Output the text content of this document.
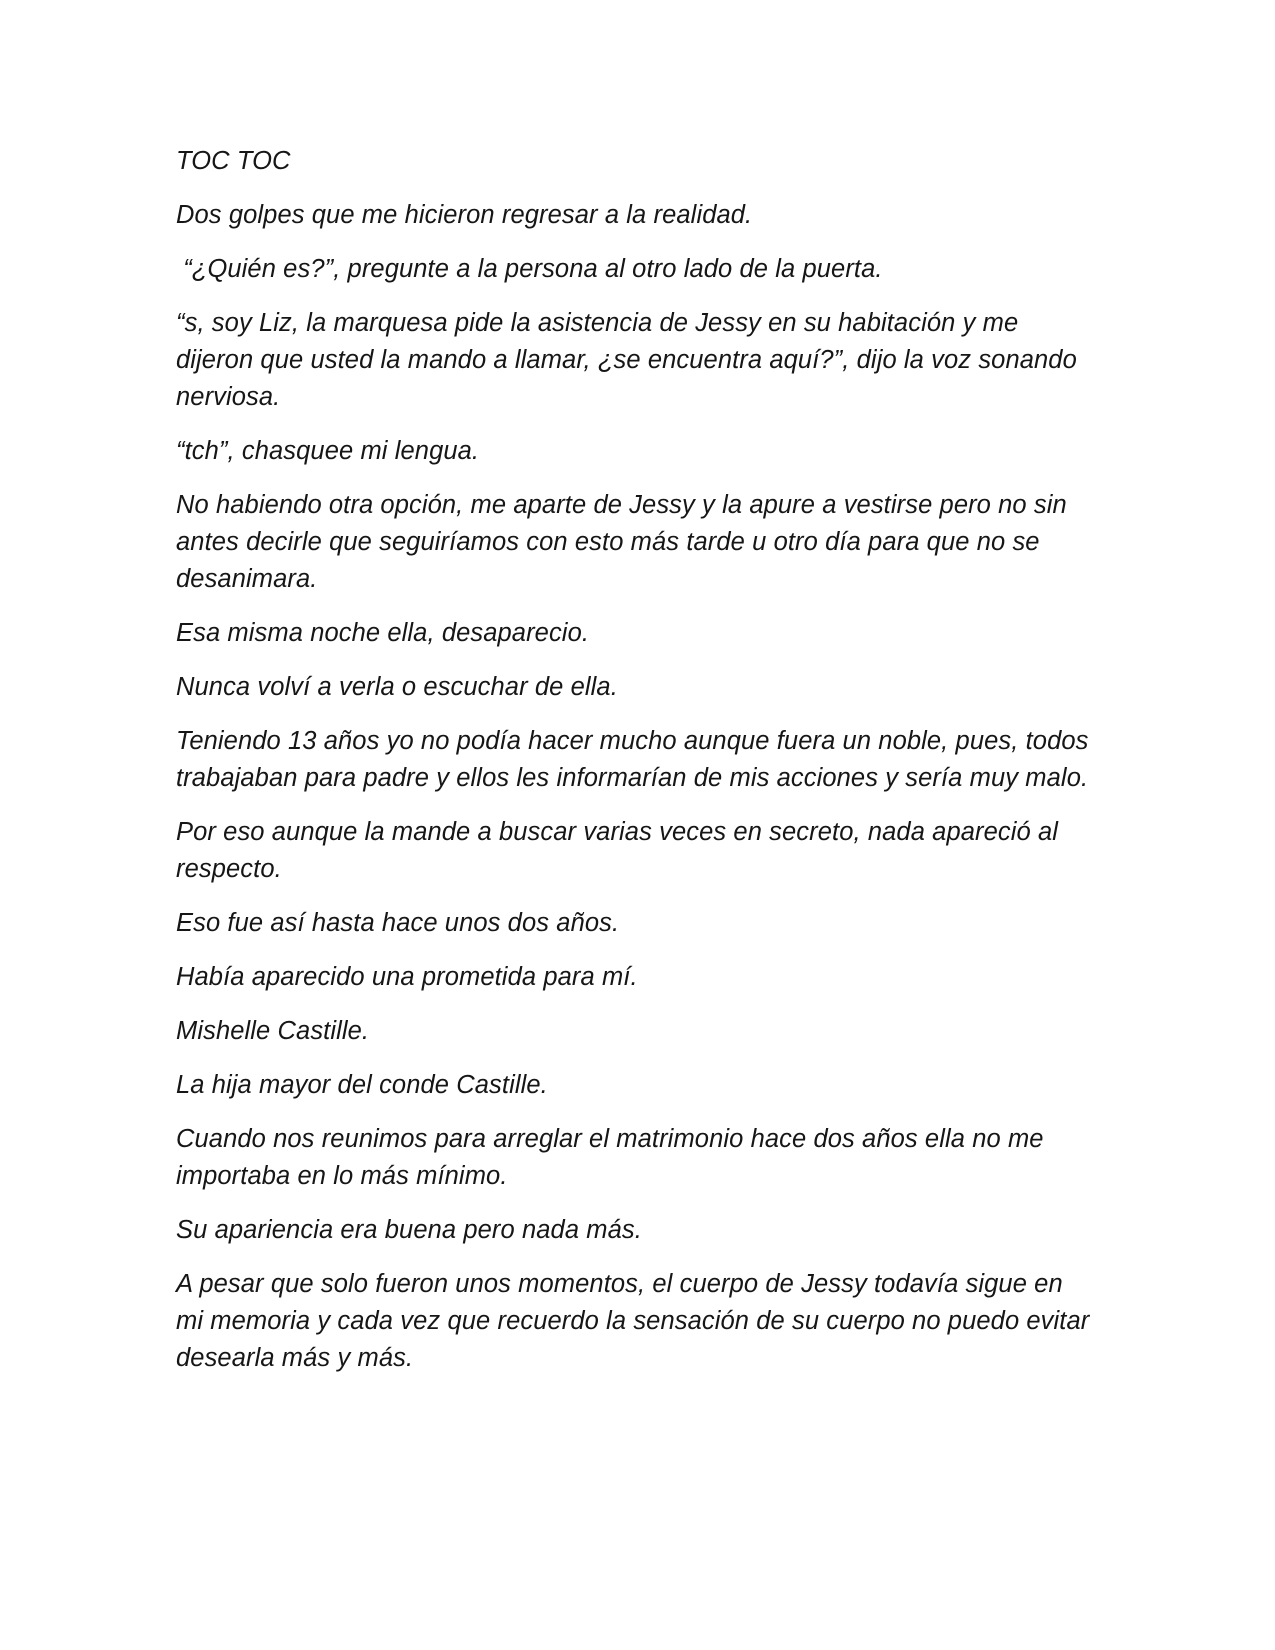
TOC TOC

Dos golpes que me hicieron regresar a la realidad.

“¿Quién es?”, pregunte a la persona al otro lado de la puerta.

“s, soy Liz, la marquesa pide la asistencia de Jessy en su habitación y me dijeron que usted la mando a llamar, ¿se encuentra aquí?”, dijo la voz sonando nerviosa.

“tch”, chasquee mi lengua.

No habiendo otra opción, me aparte de Jessy y la apure a vestirse pero no sin antes decirle que seguiríamos con esto más tarde u otro día para que no se desanimara.

Esa misma noche ella, desaparecio.

Nunca volví a verla o escuchar de ella.

Teniendo 13 años yo no podía hacer mucho aunque fuera un noble, pues, todos trabajaban para padre y ellos les informarían de mis acciones y sería muy malo.

Por eso aunque la mande a buscar varias veces en secreto, nada apareció al respecto.

Eso fue así hasta hace unos dos años.

Había aparecido una prometida para mí.

Mishelle Castille.

La hija mayor del conde Castille.

Cuando nos reunimos para arreglar el matrimonio hace dos años ella no me importaba en lo más mínimo.

Su apariencia era buena pero nada más.

A pesar que solo fueron unos momentos, el cuerpo de Jessy todavía sigue en mi memoria y cada vez que recuerdo la sensación de su cuerpo no puedo evitar desearla más y más.
